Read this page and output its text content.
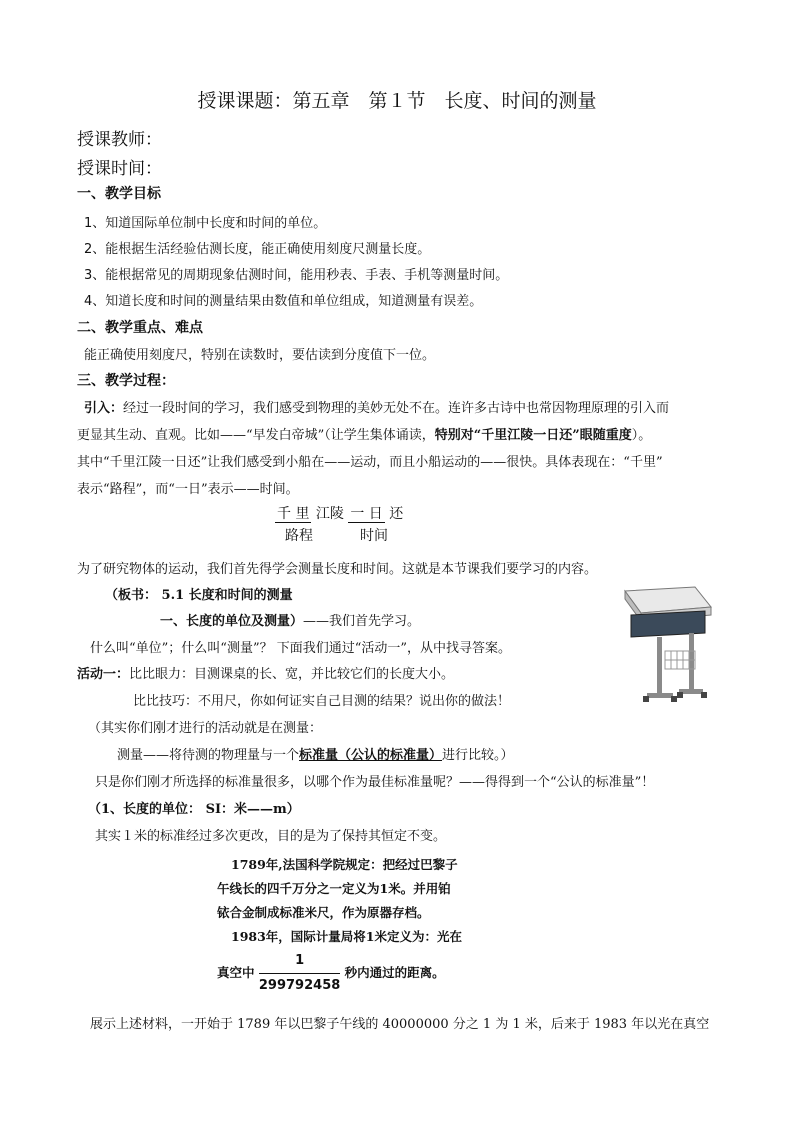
授课课题：第五章　第１节　长度、时间的测量
授课教师：
授课时间：
一、教学目标
1、知道国际单位制中长度和时间的单位。
2、能根据生活经验估测长度，能正确使用刻度尺测量长度。
3、能根据常见的周期现象估测时间，能用秒表、手表、手机等测量时间。
4、知道长度和时间的测量结果由数值和单位组成，知道测量有误差。
二、教学重点、难点
能正确使用刻度尺，特别在读数时，要估读到分度值下一位。
三、教学过程：
引入：经过一段时间的学习，我们感受到物理的美妙无处不在。连许多古诗中也常因物理原理的引入而
更显其生动、直观。比如——“早发白帝城”（让学生集体诵读，特别对“千里江陵一日还”眼随重度）。
其中“千里江陵一日还”让我们感受到小船在——运动，而且小船运动的——很快。具体表现在：“千里”
表示“路程”，而“一日”表示——时间。
千 里 江陵 一 日 还
路程	时间
为了研究物体的运动，我们首先得学会测量长度和时间。这就是本节课我们要学习的内容。
（板书： 5.1 长度和时间的测量
一、长度的单位及测量）——我们首先学习。
什么叫“单位”；什么叫“测量”？ 下面我们通过“活动一”，从中找寻答案。
活动一：比比眼力：目测课桌的长、宽，并比较它们的长度大小。
比比技巧：不用尺，你如何证实自己目测的结果？说出你的做法！
（其实你们刚才进行的活动就是在测量：
测量——将待测的物理量与一个标准量（公认的标准量）进行比较。）
只是你们刚才所选择的标准量很多，以哪个作为最佳标准量呢？——得得到一个“公认的标准量”！
（1、长度的单位： SI：米——m）
其实１米的标准经过多次更改，目的是为了保持其恒定不变。
1789年,法国科学院规定：把经过巴黎子
午线长的四千万分之一定义为1米。并用铂
铱合金制成标准米尺，作为原器存档。
1983年，国际计量局将1米定义为：光在
真空中 $\frac{1}{299792458}$ 秒内通过的距离。
展示上述材料，一开始于 1789 年以巴黎子午线的 40000000 分之 1 为 1 米，后来于 1983 年以光在真空
